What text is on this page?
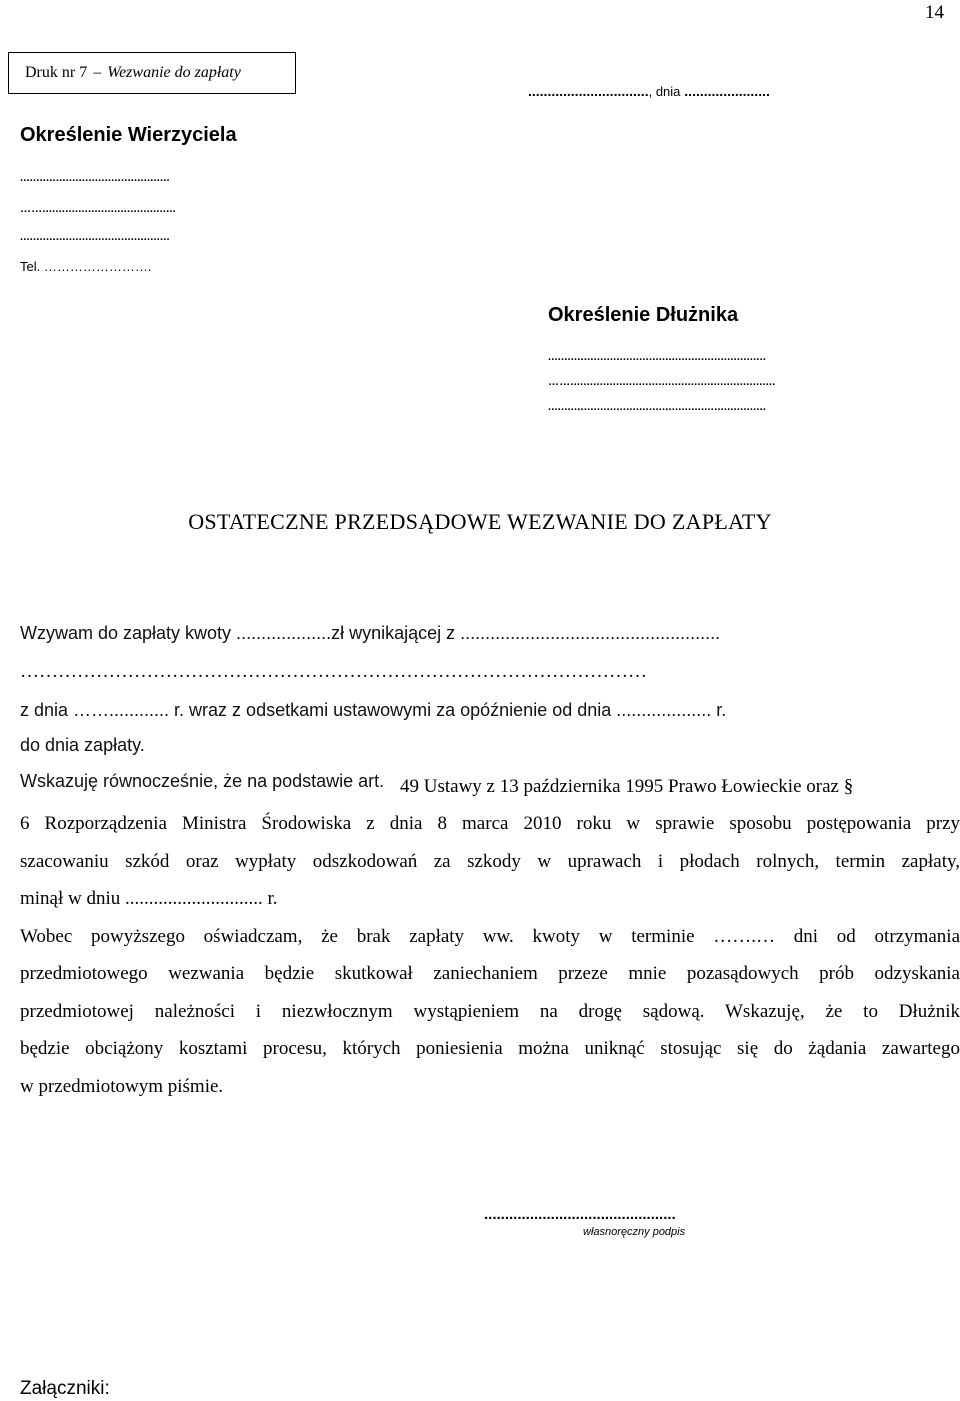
14
Druk nr 7 – Wezwanie do zapłaty
..............................., dnia ......................
Określenie Wierzyciela
..............................................
…….........................................
..............................................
Tel. …………………….
Określenie Dłużnika
...................................................................
……...............................................................
...................................................................
OSTATECZNE PRZEDSĄDOWE WEZWANIE DO ZAPŁATY
Wzywam do zapłaty kwoty ...................zł wynikającej z ....................................................
………………………………………………………………………………………
z dnia ……............ r. wraz z odsetkami ustawowymi za opóźnienie od dnia ................... r.
do dnia zapłaty.
Wskazuję równocześnie, że na podstawie art. 49 Ustawy z 13 października 1995 Prawo Łowieckie oraz §
6 Rozporządzenia Ministra Środowiska z dnia 8 marca 2010 roku w sprawie sposobu postępowania przy
szacowaniu szkód oraz wypłaty odszkodowań za szkody w uprawach i płodach rolnych, termin zapłaty,
minął w dniu ............................. r.
Wobec powyższego oświadczam, że brak zapłaty ww. kwoty w terminie …….… dni od otrzymania
przedmiotowego wezwania będzie skutkował zaniechaniem przeze mnie pozasądowych prób odzyskania
przedmiotowej należności i niezwłocznym wystąpieniem na drogę sądową. Wskazuję, że to Dłużnik
będzie obciążony kosztami procesu, których poniesienia można uniknąć stosując się do żądania zawartego
w przedmiotowym piśmie.
..............................................
własnoręczny podpis
Załączniki:
